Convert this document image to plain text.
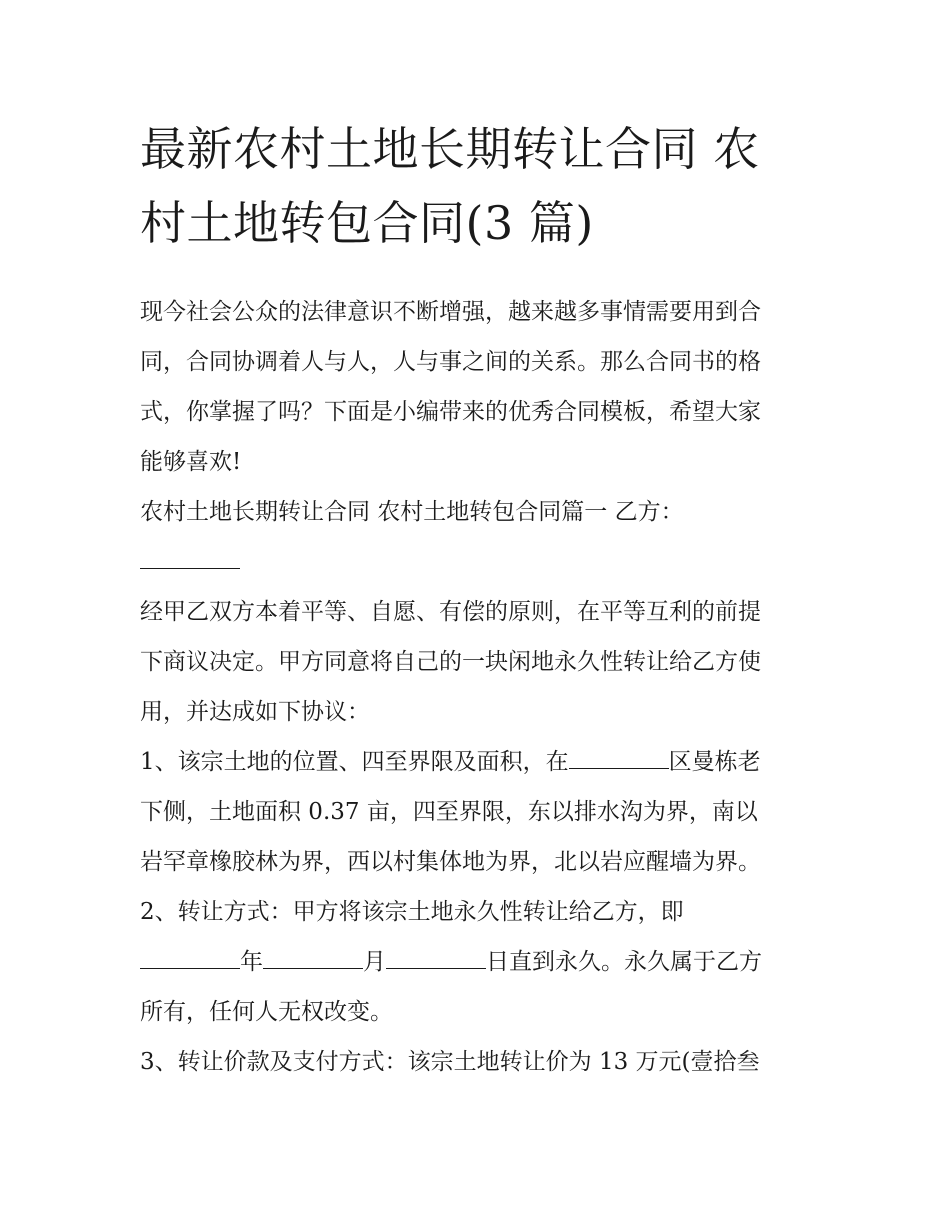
最新农村土地长期转让合同 农
村土地转包合同(3 篇)
现今社会公众的法律意识不断增强，越来越多事情需要用到合
同，合同协调着人与人，人与事之间的关系。那么合同书的格
式，你掌握了吗？下面是小编带来的优秀合同模板，希望大家
能够喜欢!
农村土地长期转让合同 农村土地转包合同篇一 乙方：
经甲乙双方本着平等、自愿、有偿的原则，在平等互利的前提
下商议决定。甲方同意将自己的一块闲地永久性转让给乙方使
用，并达成如下协议：
1、该宗土地的位置、四至界限及面积，在	区曼栋老
下侧，土地面积 0.37 亩，四至界限，东以排水沟为界，南以
岩罕章橡胶林为界，西以村集体地为界，北以岩应醒墙为界。
2、转让方式：甲方将该宗土地永久性转让给乙方，即
年	月	日直到永久。永久属于乙方
所有，任何人无权改变。
3、转让价款及支付方式：该宗土地转让价为 13 万元(壹拾叁
